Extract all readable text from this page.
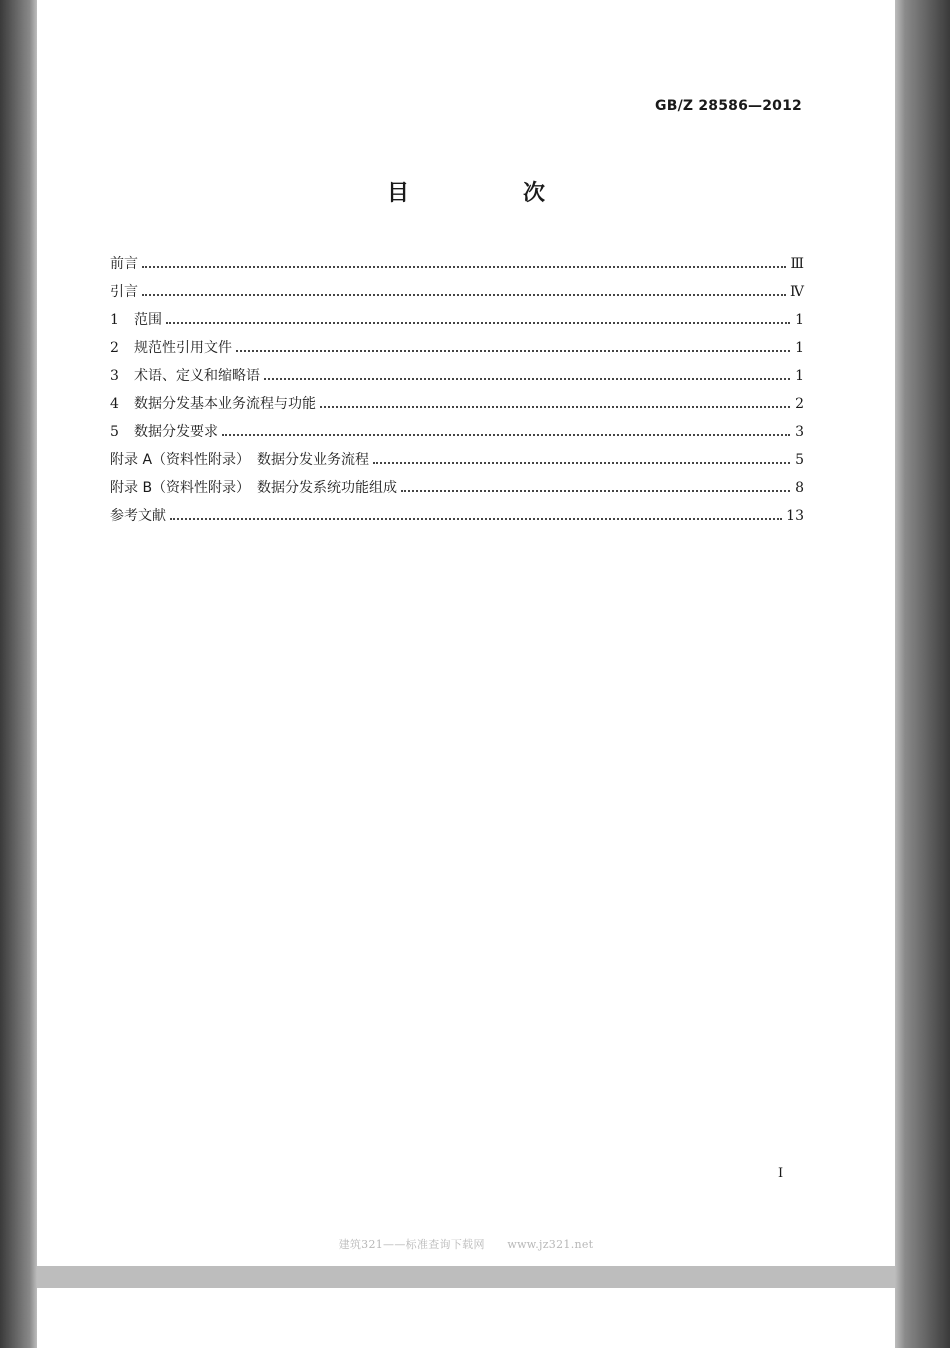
GB/Z 28586—2012
目　次
前言	Ⅲ
引言	Ⅳ
1	范围	1
2	规范性引用文件	1
3	术语、定义和缩略语	1
4	数据分发基本业务流程与功能	2
5	数据分发要求	3
附录 A（资料性附录）　数据分发业务流程	5
附录 B（资料性附录）　数据分发系统功能组成	8
参考文献	13
I
建筑321——标准查询下载网　　www.jz321.net
